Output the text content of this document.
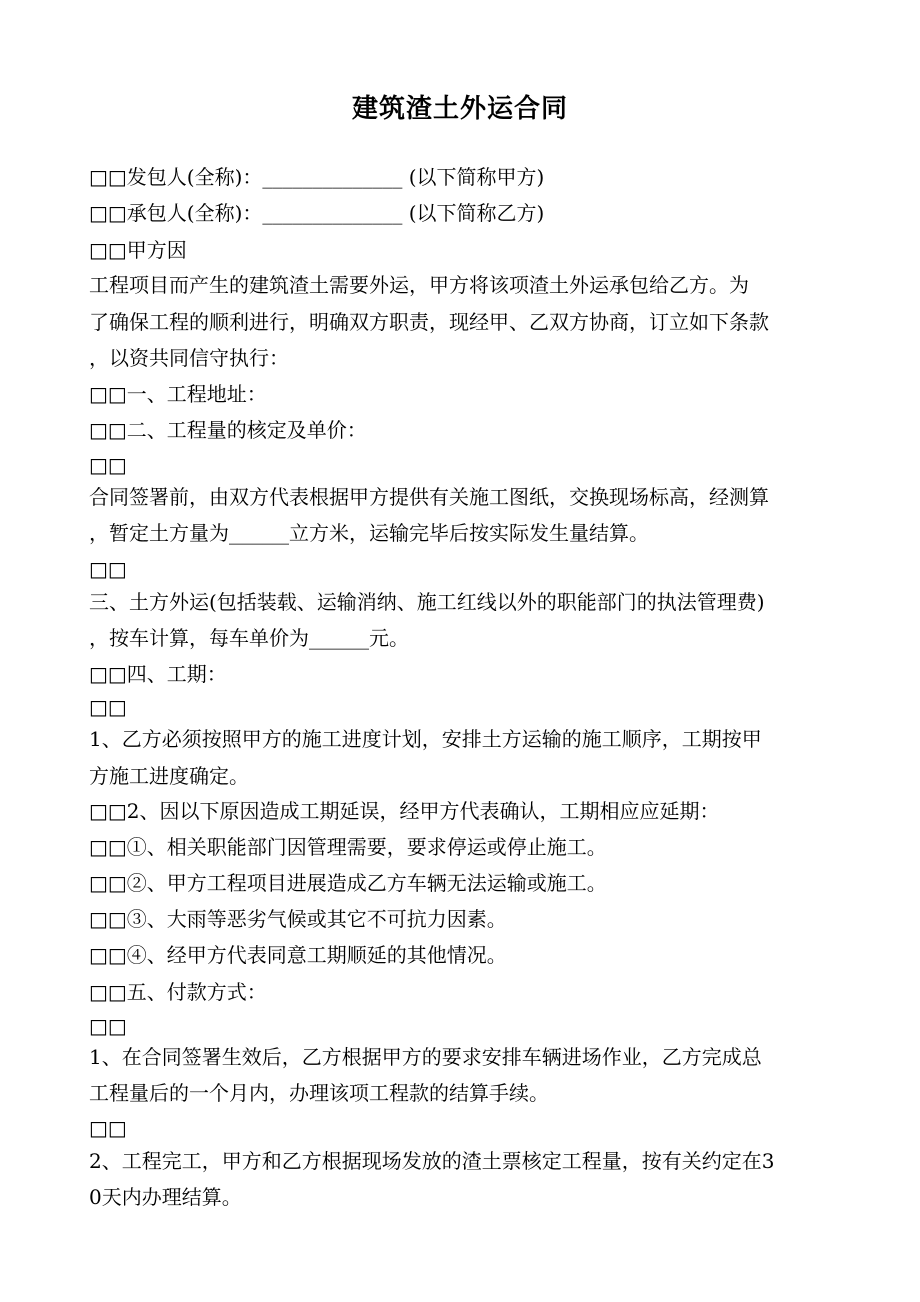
建筑渣土外运合同
□□发包人(全称)：______________ (以下简称甲方)
□□承包人(全称)：______________ (以下简称乙方)
□□甲方因
工程项目而产生的建筑渣土需要外运，甲方将该项渣土外运承包给乙方。为
了确保工程的顺利进行，明确双方职责，现经甲、乙双方协商，订立如下条款
，以资共同信守执行：
□□一、工程地址：
□□二、工程量的核定及单价：
□□
合同签署前，由双方代表根据甲方提供有关施工图纸，交换现场标高，经测算
，暂定土方量为______立方米，运输完毕后按实际发生量结算。
□□
三、土方外运(包括装载、运输消纳、施工红线以外的职能部门的执法管理费)
，按车计算，每车单价为______元。
□□四、工期：
□□
1、乙方必须按照甲方的施工进度计划，安排土方运输的施工顺序，工期按甲
方施工进度确定。
□□2、因以下原因造成工期延误，经甲方代表确认，工期相应应延期：
□□①、相关职能部门因管理需要，要求停运或停止施工。
□□②、甲方工程项目进展造成乙方车辆无法运输或施工。
□□③、大雨等恶劣气候或其它不可抗力因素。
□□④、经甲方代表同意工期顺延的其他情况。
□□五、付款方式：
□□
1、在合同签署生效后，乙方根据甲方的要求安排车辆进场作业，乙方完成总
工程量后的一个月内，办理该项工程款的结算手续。
□□
2、工程完工，甲方和乙方根据现场发放的渣土票核定工程量，按有关约定在3
0天内办理结算。
